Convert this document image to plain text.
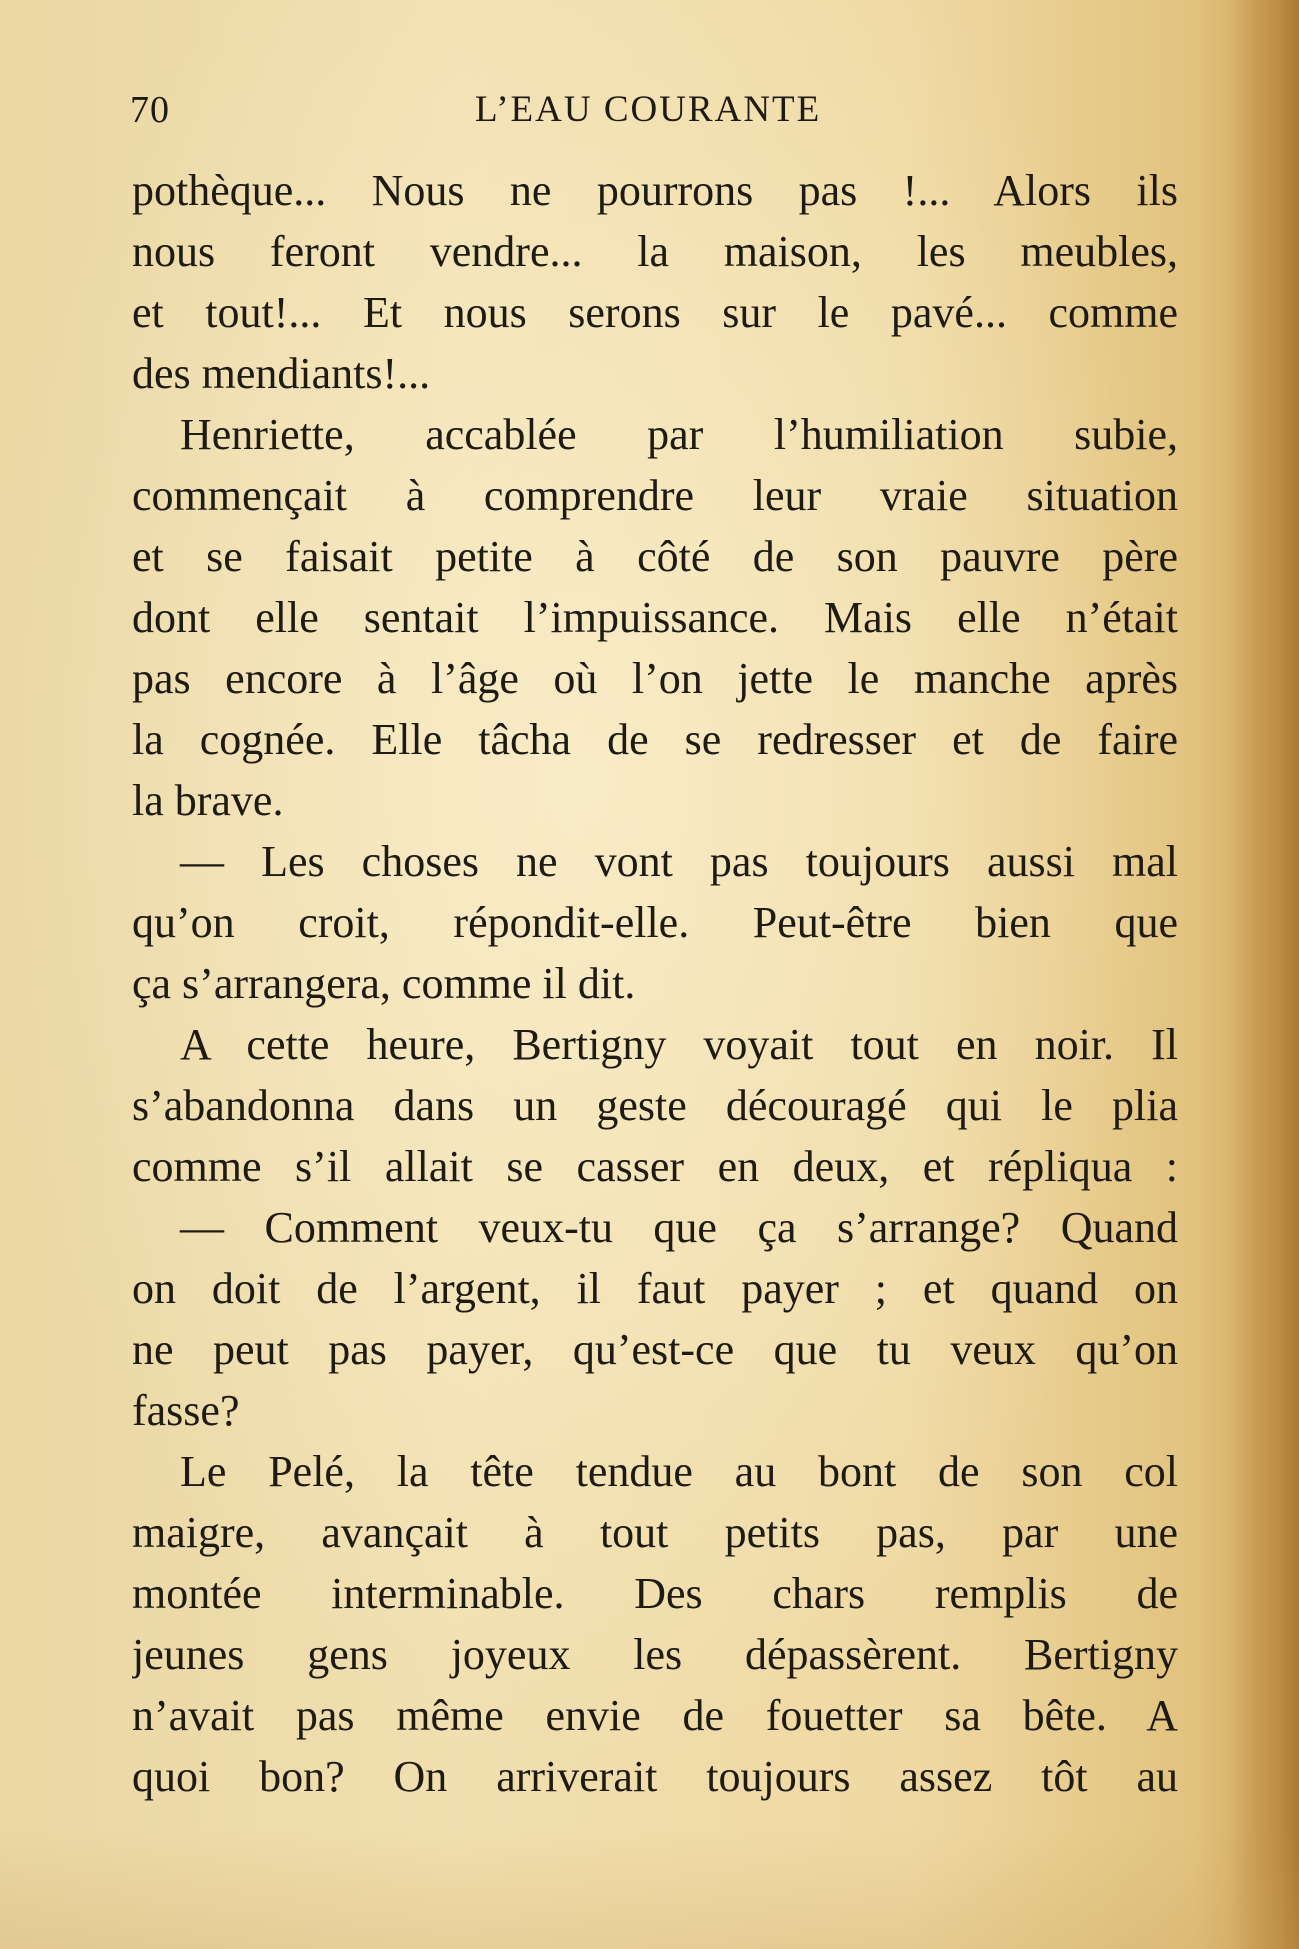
70	L’EAU COURANTE
pothèque... Nous ne pourrons pas !... Alors ils
nous feront vendre... la maison, les meubles,
et tout!... Et nous serons sur le pavé... comme
des mendiants!...
Henriette, accablée par l’humiliation subie,
commençait à comprendre leur vraie situation
et se faisait petite à côté de son pauvre père
dont elle sentait l’impuissance. Mais elle n’était
pas encore à l’âge où l’on jette le manche après
la cognée. Elle tâcha de se redresser et de faire
la brave.
— Les choses ne vont pas toujours aussi mal
qu’on croit, répondit-elle. Peut-être bien que
ça s’arrangera, comme il dit.
A cette heure, Bertigny voyait tout en noir. Il
s’abandonna dans un geste découragé qui le plia
comme s’il allait se casser en deux, et répliqua :
— Comment veux-tu que ça s’arrange? Quand
on doit de l’argent, il faut payer ; et quand on
ne peut pas payer, qu’est-ce que tu veux qu’on
fasse?
Le Pelé, la tête tendue au bont de son col
maigre, avançait à tout petits pas, par une
montée interminable. Des chars remplis de
jeunes gens joyeux les dépassèrent. Bertigny
n’avait pas même envie de fouetter sa bête. A
quoi bon? On arriverait toujours assez tôt au
